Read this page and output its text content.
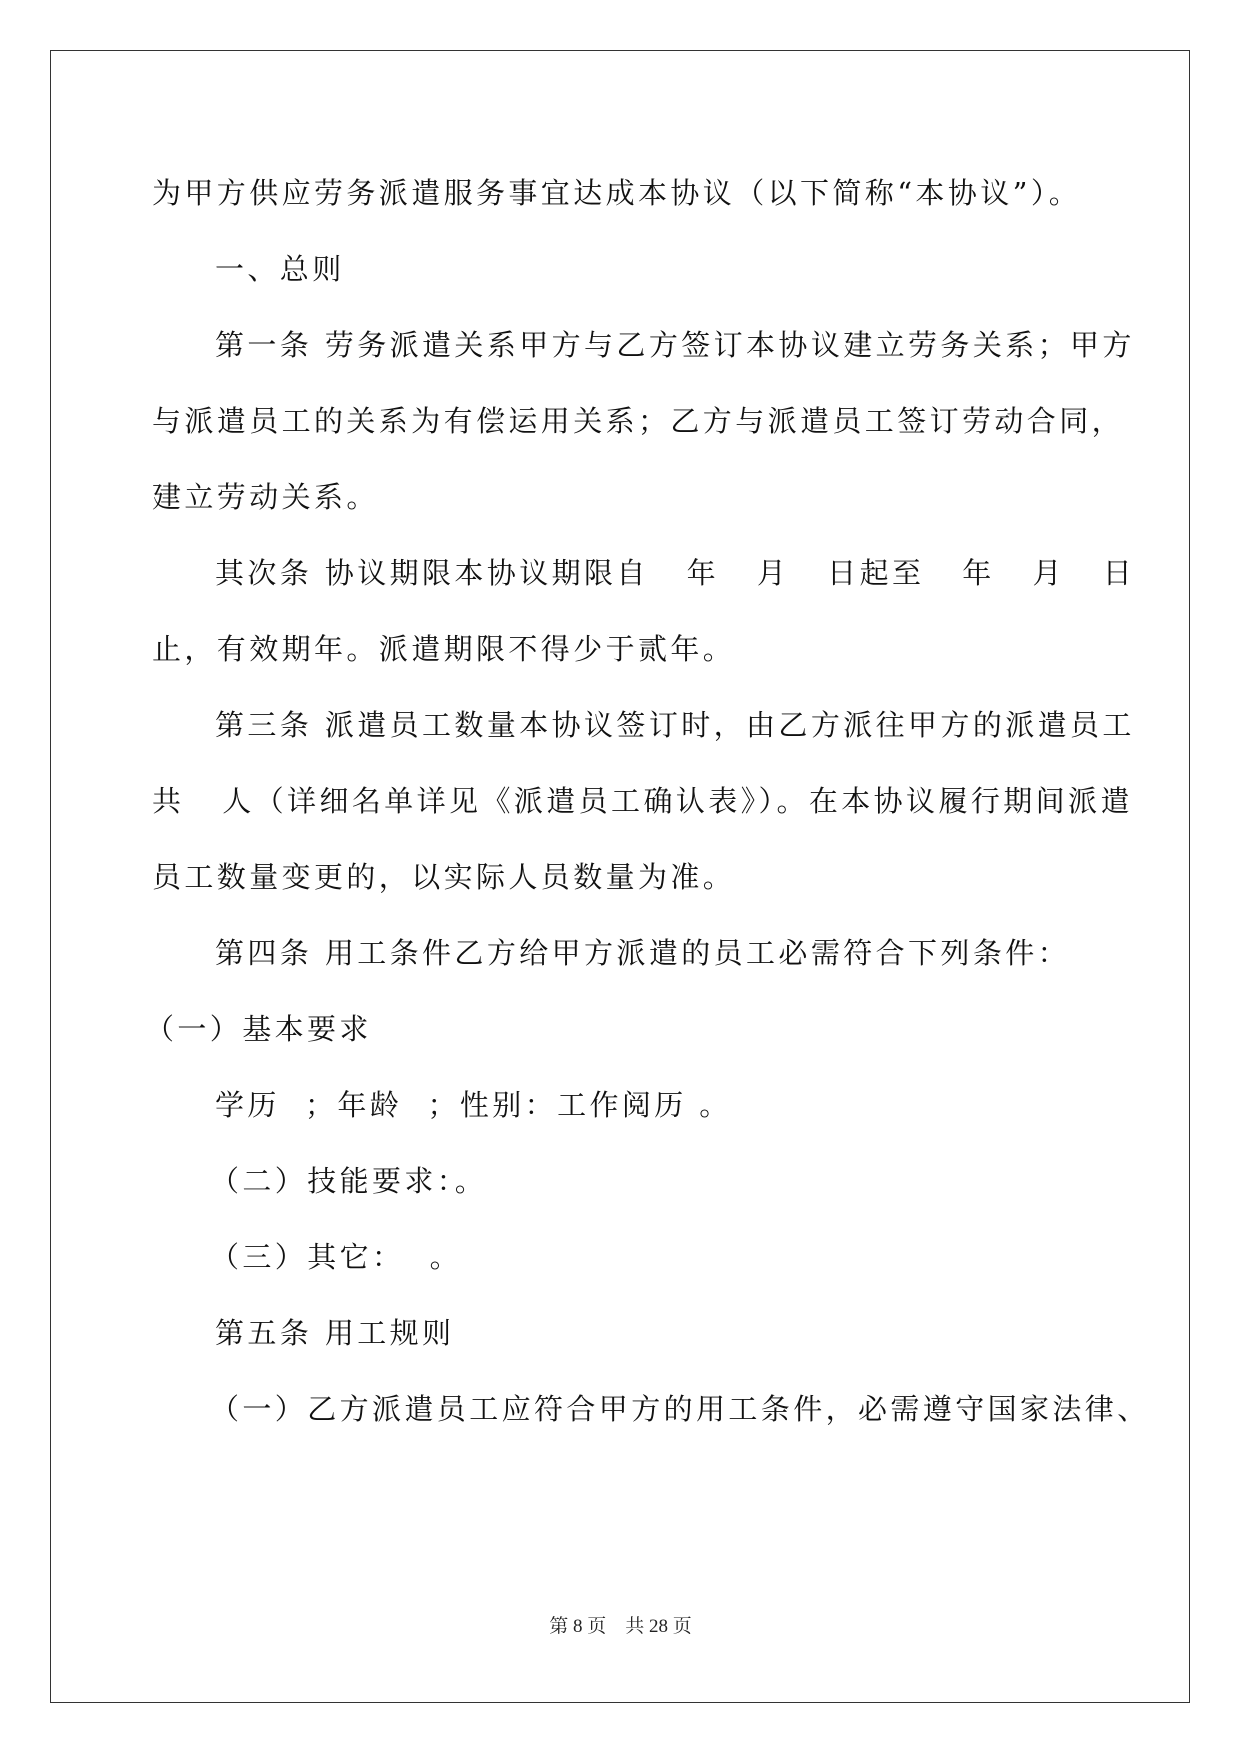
为甲方供应劳务派遣服务事宜达成本协议（以下简称“本协议”）。
一、总则
第一条 劳务派遣关系甲方与乙方签订本协议建立劳务关系；甲方
与派遣员工的关系为有偿运用关系；乙方与派遣员工签订劳动合同，
建立劳动关系。
其次条 协议期限本协议期限自   年   月   日起至   年   月   日
止，有效期年。派遣期限不得少于贰年。
第三条 派遣员工数量本协议签订时，由乙方派往甲方的派遣员工
共   人（详细名单详见《派遣员工确认表》）。在本协议履行期间派遣
员工数量变更的，以实际人员数量为准。
第四条 用工条件乙方给甲方派遣的员工必需符合下列条件：
（一）基本要求
学历  ；年龄  ；性别：工作阅历 。
（二）技能要求：。
（三）其它：  。
第五条 用工规则
（一）乙方派遣员工应符合甲方的用工条件，必需遵守国家法律、
第 8 页    共 28 页
